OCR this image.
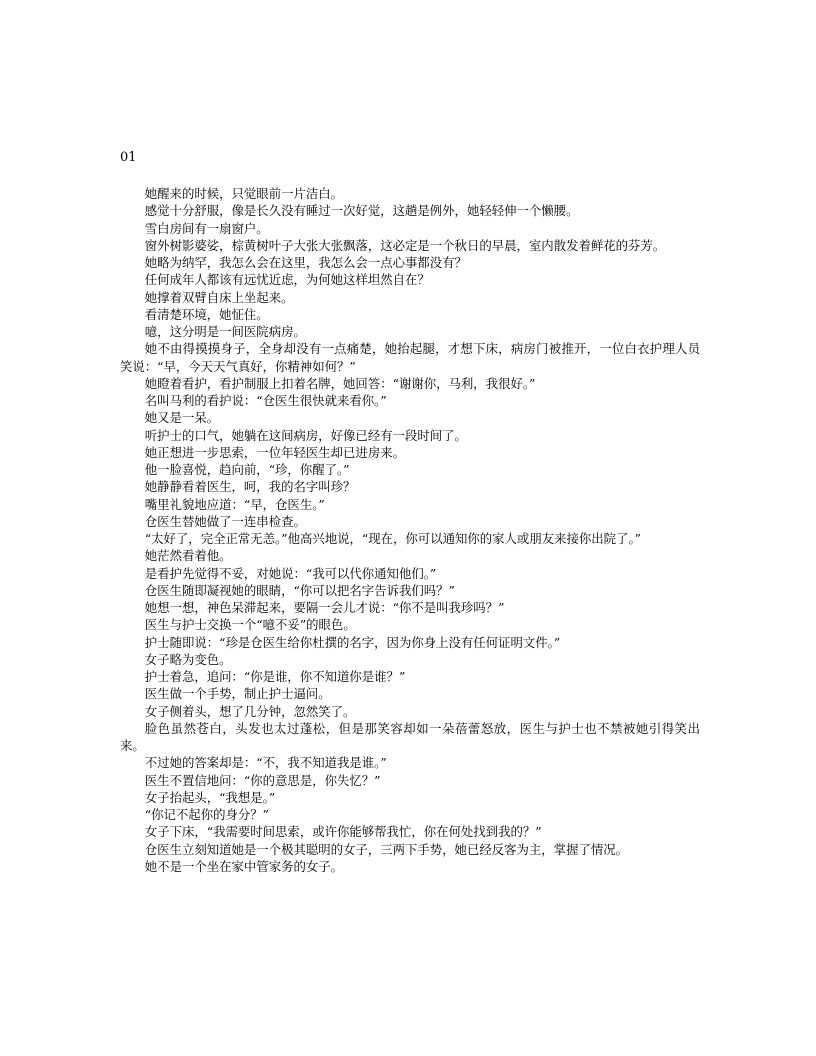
01

她醒来的时候，只觉眼前一片洁白。

感觉十分舒服，像是长久没有睡过一次好觉，这趟是例外，她轻轻伸一个懒腰。

雪白房间有一扇窗户。

窗外树影婆娑，棕黄树叶子大张大张飘落，这必定是一个秋日的早晨，室内散发着鲜花的芬芳。

她略为纳罕，我怎么会在这里，我怎么会一点心事都没有？

任何成年人都该有远忧近虑，为何她这样坦然自在？

她撑着双臂自床上坐起来。

看清楚环境，她怔住。

噫，这分明是一间医院病房。

她不由得摸摸身子，全身却没有一点痛楚，她抬起腿，才想下床，病房门被推开，一位白衣护理人员笑说：“早，今天天气真好，你精神如何？”

她瞪着看护，看护制服上扣着名牌，她回答：“谢谢你，马利，我很好。”

名叫马利的看护说：“仓医生很快就来看你。”

她又是一呆。

听护士的口气，她躺在这间病房，好像已经有一段时间了。

她正想进一步思索，一位年轻医生却已进房来。

他一脸喜悦，趋向前，“珍，你醒了。”

她静静看着医生，呵，我的名字叫珍？

嘴里礼貌地应道：“早，仓医生。”

仓医生替她做了一连串检查。

“太好了，完全正常无恙。”他高兴地说，“现在，你可以通知你的家人或朋友来接你出院了。”

她茫然看着他。

是看护先觉得不妥，对她说：“我可以代你通知他们。”

仓医生随即凝视她的眼睛，“你可以把名字告诉我们吗？”

她想一想，神色呆滞起来，要隔一会儿才说：“你不是叫我珍吗？”

医生与护士交换一个“噫不妥”的眼色。

护士随即说：“珍是仓医生给你杜撰的名字，因为你身上没有任何证明文件。”

女子略为变色。

护士着急，追问：“你是谁，你不知道你是谁？”

医生做一个手势，制止护士逼问。

女子侧着头，想了几分钟，忽然笑了。

脸色虽然苍白，头发也太过蓬松，但是那笑容却如一朵蓓蕾怒放，医生与护士也不禁被她引得笑出来。

不过她的答案却是：“不，我不知道我是谁。”

医生不置信地问：“你的意思是，你失忆？”

女子抬起头，“我想是。”

“你记不起你的身分？”

女子下床，“我需要时间思索，或许你能够帮我忙，你在何处找到我的？”

仓医生立刻知道她是一个极其聪明的女子，三两下手势，她已经反客为主，掌握了情况。

她不是一个坐在家中管家务的女子。
